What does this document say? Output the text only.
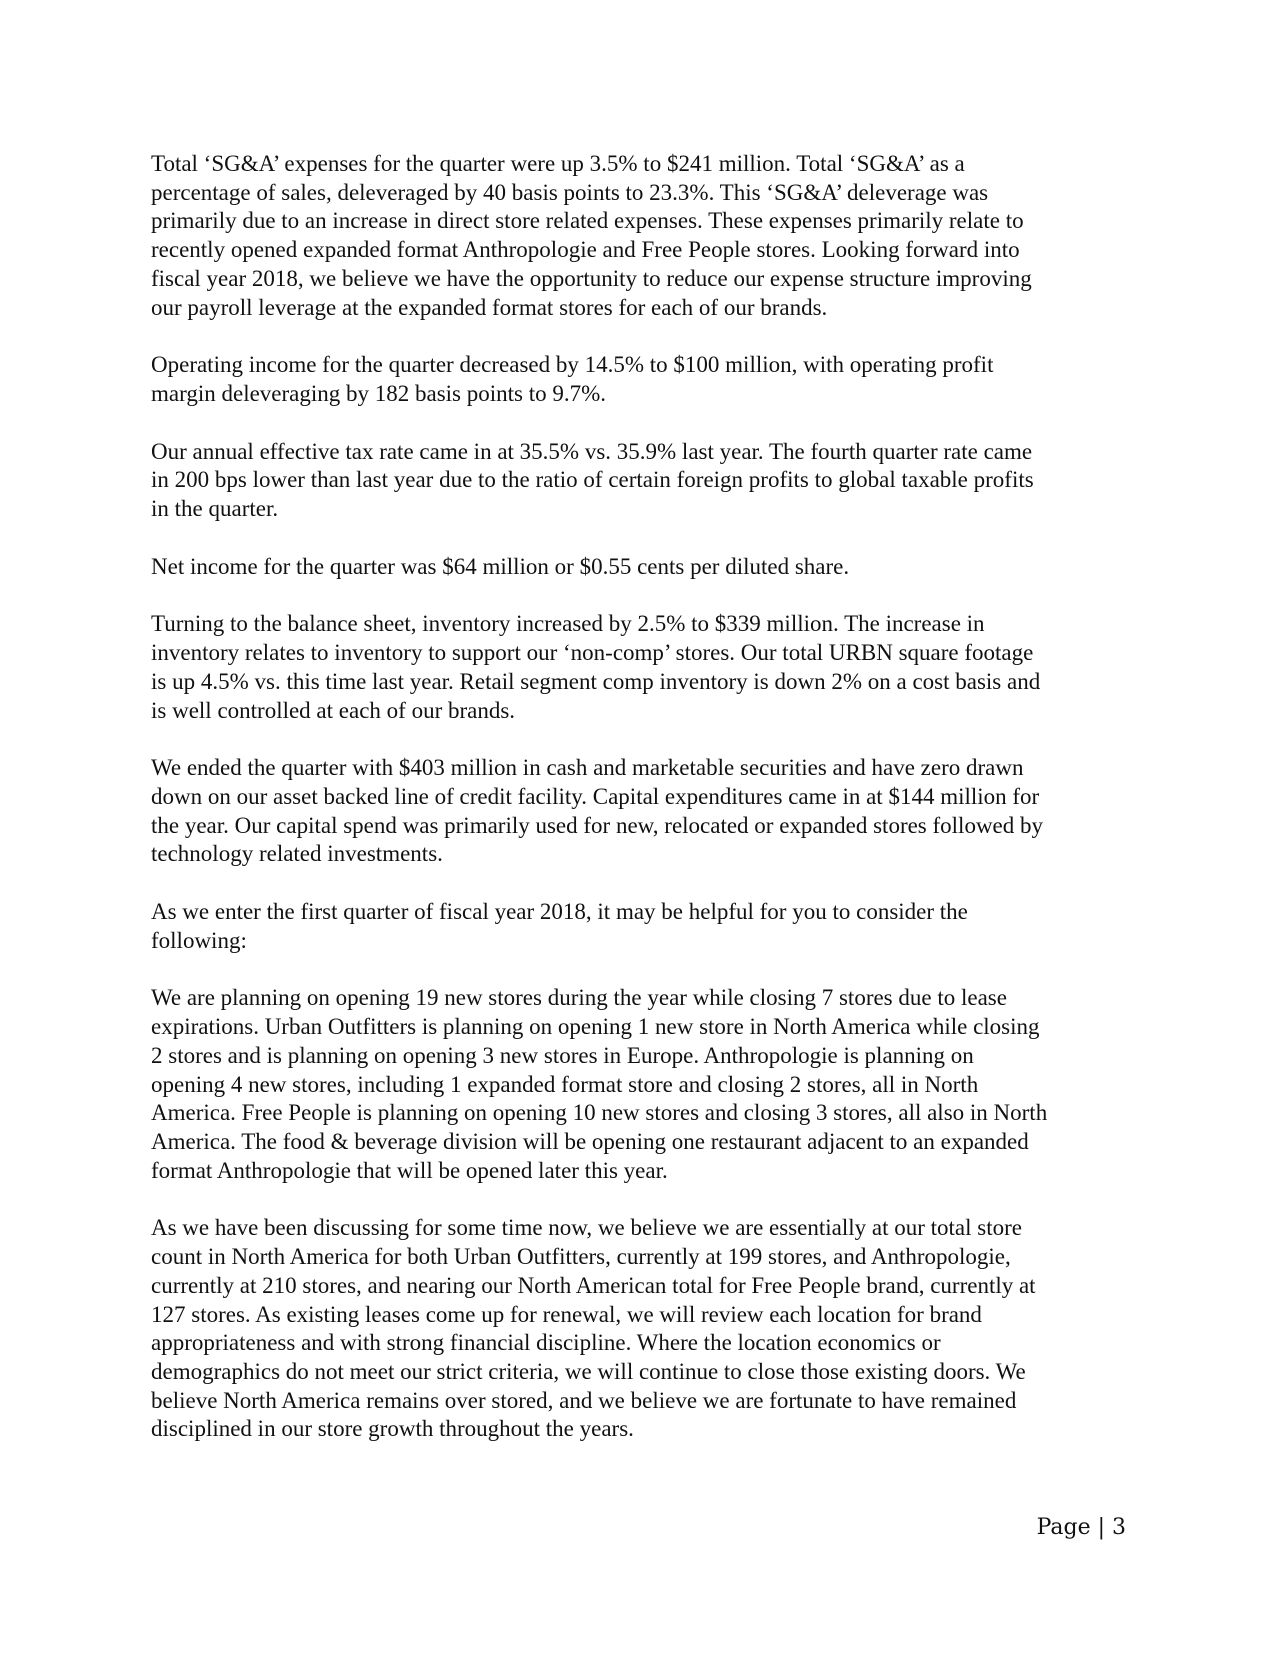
Total ‘SG&A’ expenses for the quarter were up 3.5% to $241 million. Total ‘SG&A’ as a
percentage of sales, deleveraged by 40 basis points to 23.3%. This ‘SG&A’ deleverage was
primarily due to an increase in direct store related expenses. These expenses primarily relate to
recently opened expanded format Anthropologie and Free People stores. Looking forward into
fiscal year 2018, we believe we have the opportunity to reduce our expense structure improving
our payroll leverage at the expanded format stores for each of our brands.

Operating income for the quarter decreased by 14.5% to $100 million, with operating profit
margin deleveraging by 182 basis points to 9.7%.

Our annual effective tax rate came in at 35.5% vs. 35.9% last year. The fourth quarter rate came
in 200 bps lower than last year due to the ratio of certain foreign profits to global taxable profits
in the quarter.

Net income for the quarter was $64 million or $0.55 cents per diluted share.

Turning to the balance sheet, inventory increased by 2.5% to $339 million. The increase in
inventory relates to inventory to support our ‘non-comp’ stores. Our total URBN square footage
is up 4.5% vs. this time last year. Retail segment comp inventory is down 2% on a cost basis and
is well controlled at each of our brands.

We ended the quarter with $403 million in cash and marketable securities and have zero drawn
down on our asset backed line of credit facility. Capital expenditures came in at $144 million for
the year. Our capital spend was primarily used for new, relocated or expanded stores followed by
technology related investments.

As we enter the first quarter of fiscal year 2018, it may be helpful for you to consider the
following:

We are planning on opening 19 new stores during the year while closing 7 stores due to lease
expirations. Urban Outfitters is planning on opening 1 new store in North America while closing
2 stores and is planning on opening 3 new stores in Europe. Anthropologie is planning on
opening 4 new stores, including 1 expanded format store and closing 2 stores, all in North
America. Free People is planning on opening 10 new stores and closing 3 stores, all also in North
America. The food & beverage division will be opening one restaurant adjacent to an expanded
format Anthropologie that will be opened later this year.

As we have been discussing for some time now, we believe we are essentially at our total store
count in North America for both Urban Outfitters, currently at 199 stores, and Anthropologie,
currently at 210 stores, and nearing our North American total for Free People brand, currently at
127 stores. As existing leases come up for renewal, we will review each location for brand
appropriateness and with strong financial discipline. Where the location economics or
demographics do not meet our strict criteria, we will continue to close those existing doors. We
believe North America remains over stored, and we believe we are fortunate to have remained
disciplined in our store growth throughout the years.

Page | 3
